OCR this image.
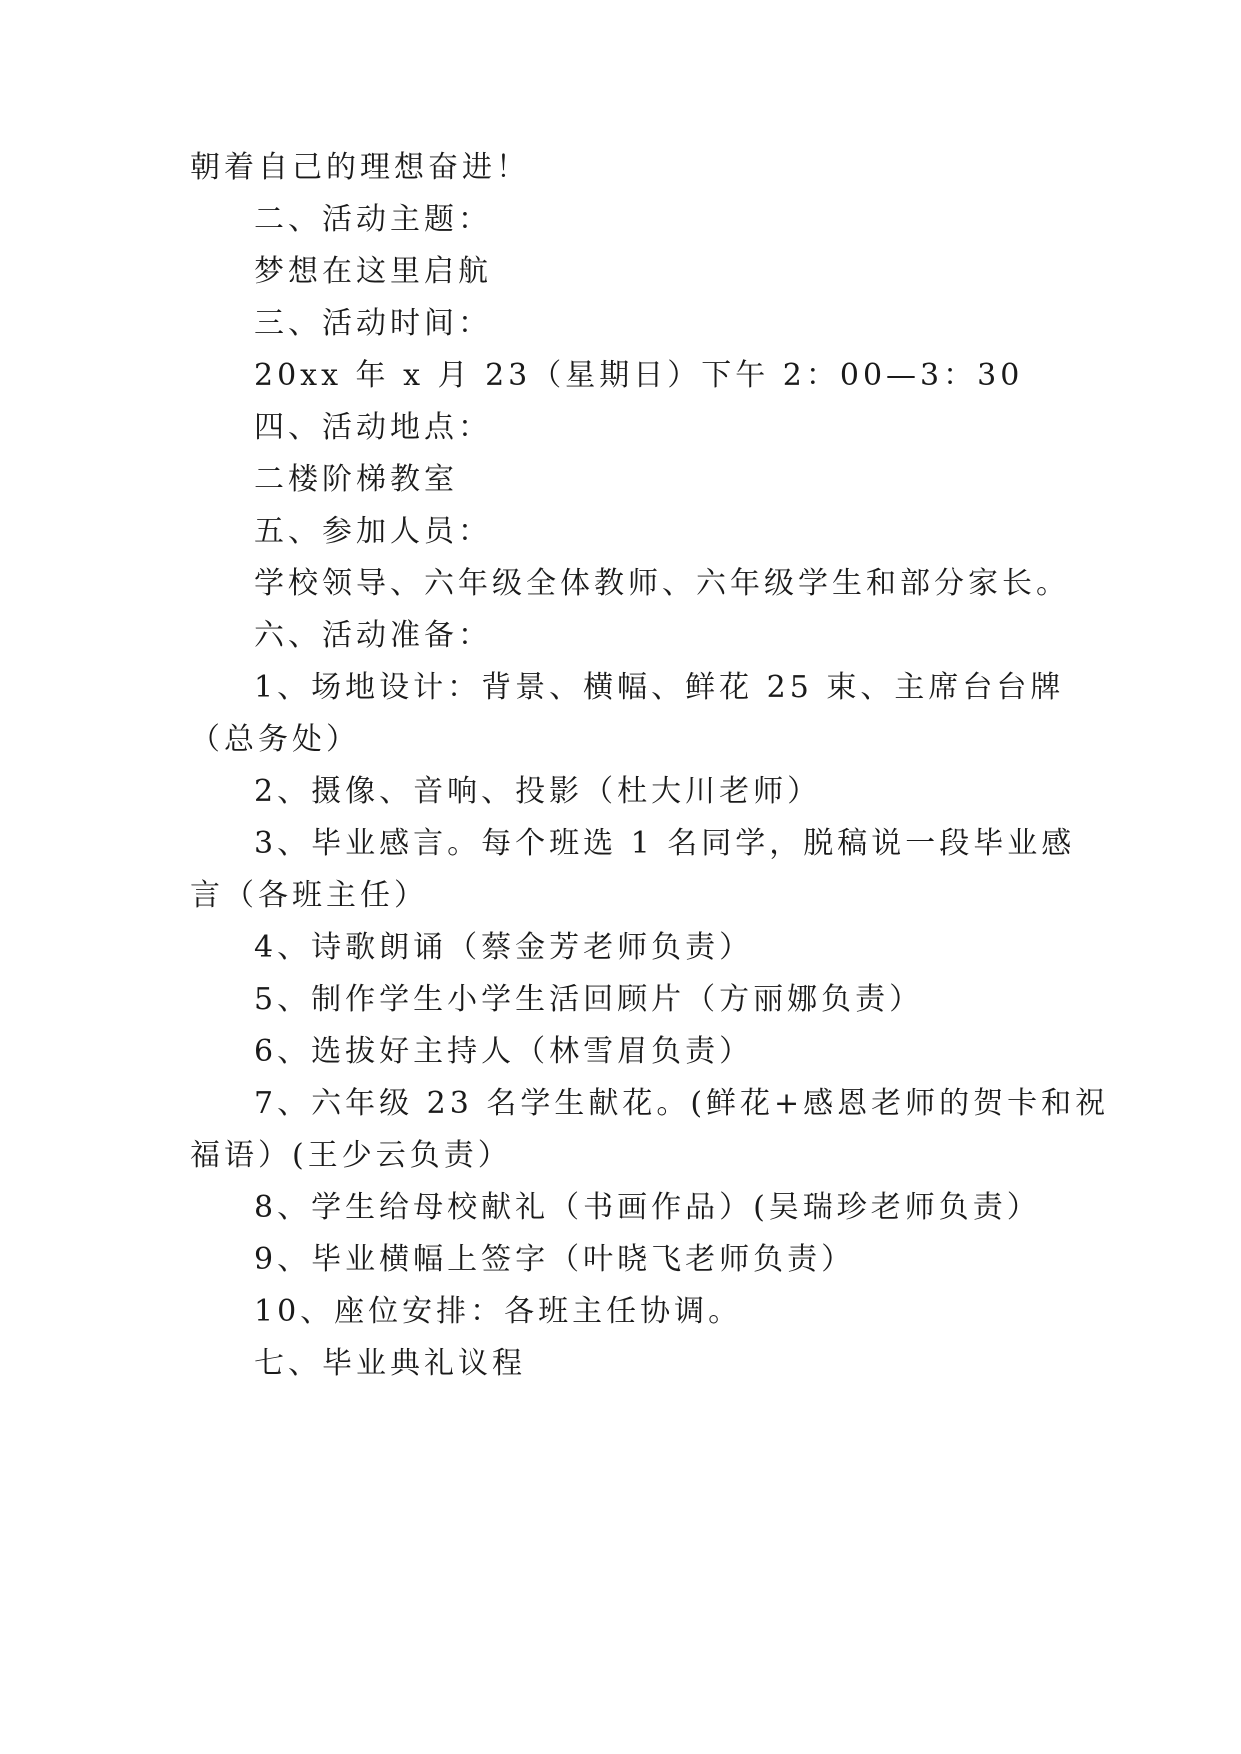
朝着自己的理想奋进！
二、活动主题：
梦想在这里启航
三、活动时间：
20xx 年 x 月 23（星期日）下午 2：00—3：30
四、活动地点：
二楼阶梯教室
五、参加人员：
学校领导、六年级全体教师、六年级学生和部分家长。
六、活动准备：
1、场地设计：背景、横幅、鲜花 25 束、主席台台牌
（总务处）
2、摄像、音响、投影（杜大川老师）
3、毕业感言。每个班选 1 名同学，脱稿说一段毕业感
言（各班主任）
4、诗歌朗诵（蔡金芳老师负责）
5、制作学生小学生活回顾片（方丽娜负责）
6、选拔好主持人（林雪眉负责）
7、六年级 23 名学生献花。(鲜花+感恩老师的贺卡和祝
福语）(王少云负责）
8、学生给母校献礼（书画作品）(吴瑞珍老师负责）
9、毕业横幅上签字（叶晓飞老师负责）
10、座位安排：各班主任协调。
七、毕业典礼议程
